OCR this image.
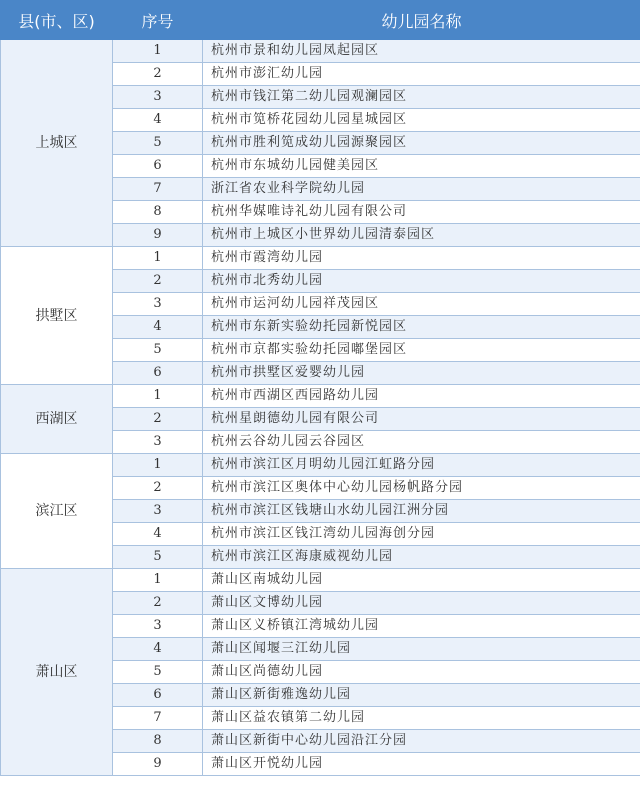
县(市、区)	序号	幼儿园名称
上城区	1	杭州市景和幼儿园凤起园区
	2	杭州市澎汇幼儿园
	3	杭州市钱江第二幼儿园观澜园区
	4	杭州市笕桥花园幼儿园星城园区
	5	杭州市胜利笕成幼儿园源聚园区
	6	杭州市东城幼儿园健美园区
	7	浙江省农业科学院幼儿园
	8	杭州华媒唯诗礼幼儿园有限公司
	9	杭州市上城区小世界幼儿园清泰园区
拱墅区	1	杭州市霞湾幼儿园
	2	杭州市北秀幼儿园
	3	杭州市运河幼儿园祥茂园区
	4	杭州市东新实验幼托园新悦园区
	5	杭州市京都实验幼托园嘟堡园区
	6	杭州市拱墅区爱婴幼儿园
西湖区	1	杭州市西湖区西园路幼儿园
	2	杭州星朗德幼儿园有限公司
	3	杭州云谷幼儿园云谷园区
滨江区	1	杭州市滨江区月明幼儿园江虹路分园
	2	杭州市滨江区奥体中心幼儿园杨帆路分园
	3	杭州市滨江区钱塘山水幼儿园江洲分园
	4	杭州市滨江区钱江湾幼儿园海创分园
	5	杭州市滨江区海康威视幼儿园
萧山区	1	萧山区南城幼儿园
	2	萧山区文博幼儿园
	3	萧山区义桥镇江湾城幼儿园
	4	萧山区闻堰三江幼儿园
	5	萧山区尚德幼儿园
	6	萧山区新街雅逸幼儿园
	7	萧山区益农镇第二幼儿园
	8	萧山区新街中心幼儿园沿江分园
	9	萧山区开悦幼儿园
